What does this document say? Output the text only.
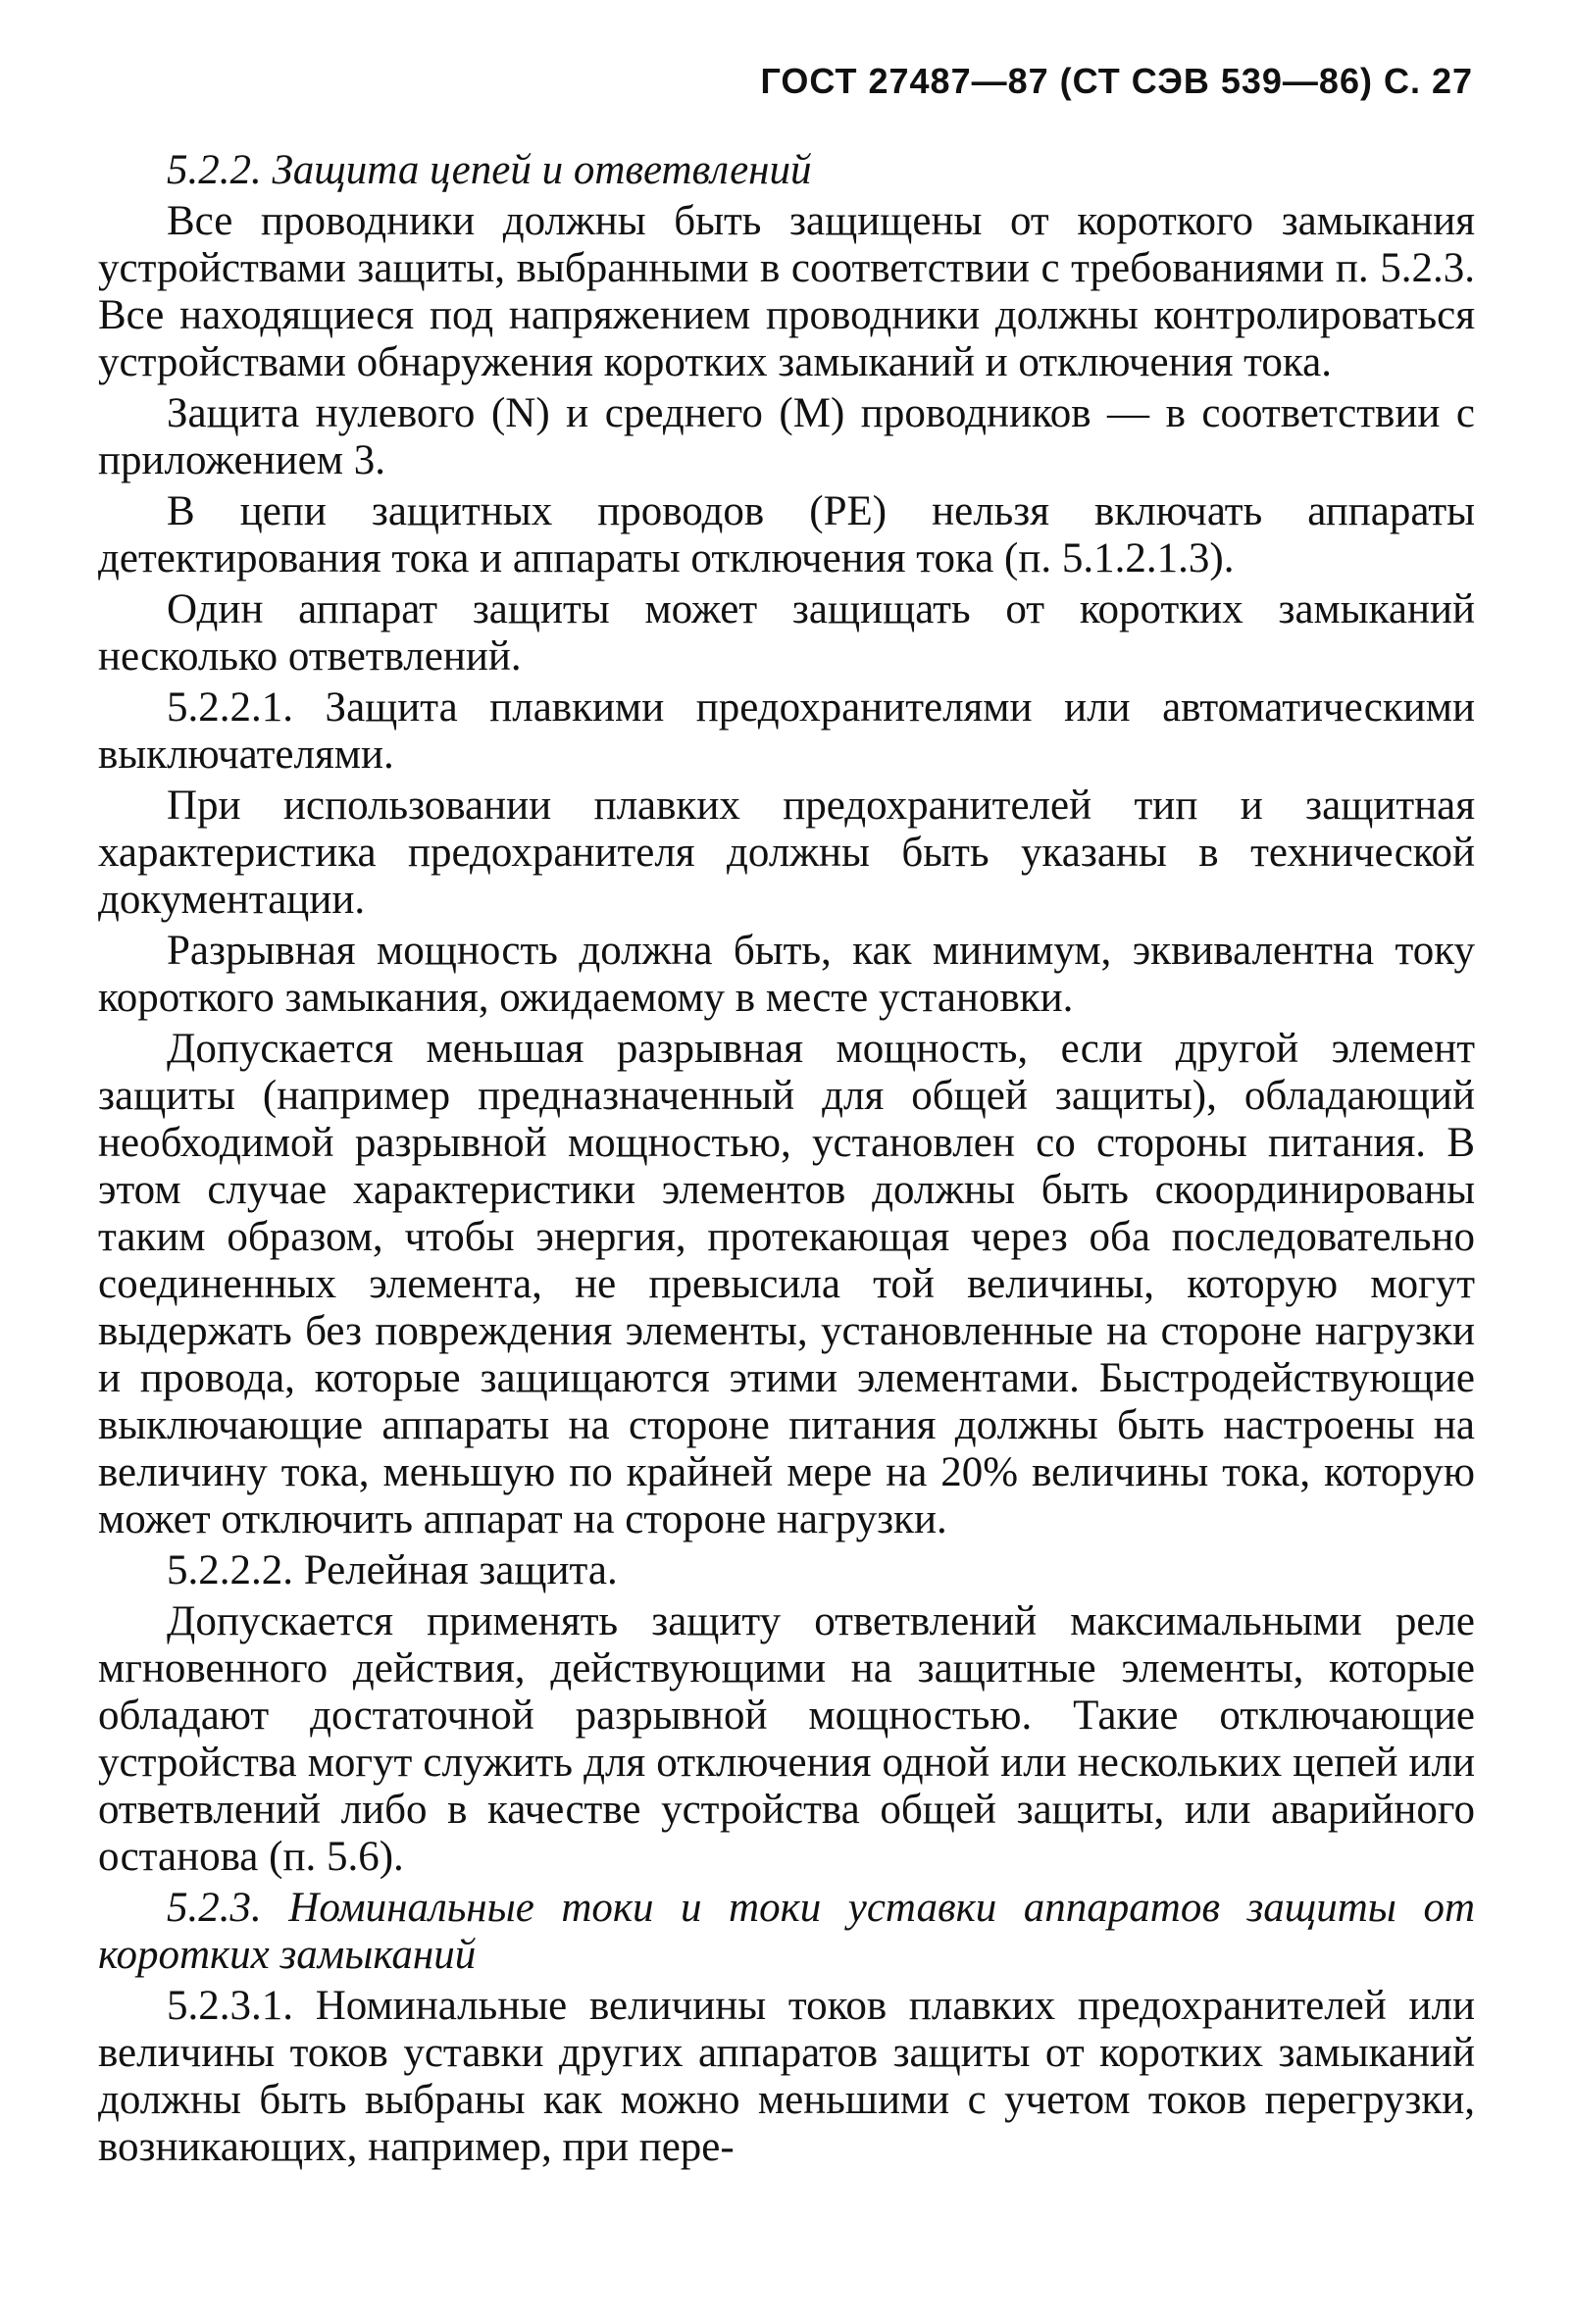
ГОСТ 27487—87 (СТ СЭВ 539—86) С. 27

5.2.2. Защита цепей и ответвлений

Все проводники должны быть защищены от короткого замыкания устройствами защиты, выбранными в соответствии с требованиями п. 5.2.3. Все находящиеся под напряжением проводники должны контролироваться устройствами обнаружения коротких замыканий и отключения тока.

Защита нулевого (N) и среднего (М) проводников — в соответствии с приложением 3.

В цепи защитных проводов (РЕ) нельзя включать аппараты детектирования тока и аппараты отключения тока (п. 5.1.2.1.3).

Один аппарат защиты может защищать от коротких замыканий несколько ответвлений.

5.2.2.1. Защита плавкими предохранителями или автоматическими выключателями.

При использовании плавких предохранителей тип и защитная характеристика предохранителя должны быть указаны в технической документации.

Разрывная мощность должна быть, как минимум, эквивалентна току короткого замыкания, ожидаемому в месте установки.

Допускается меньшая разрывная мощность, если другой элемент защиты (например предназначенный для общей защиты), обладающий необходимой разрывной мощностью, установлен со стороны питания. В этом случае характеристики элементов должны быть скоординированы таким образом, чтобы энергия, протекающая через оба последовательно соединенных элемента, не превысила той величины, которую могут выдержать без повреждения элементы, установленные на стороне нагрузки и провода, которые защищаются этими элементами. Быстродействующие выключающие аппараты на стороне питания должны быть настроены на величину тока, меньшую по крайней мере на 20% величины тока, которую может отключить аппарат на стороне нагрузки.

5.2.2.2. Релейная защита.

Допускается применять защиту ответвлений максимальными реле мгновенного действия, действующими на защитные элементы, которые обладают достаточной разрывной мощностью. Такие отключающие устройства могут служить для отключения одной или нескольких цепей или ответвлений либо в качестве устройства общей защиты, или аварийного останова (п. 5.6).

5.2.3. Номинальные токи и токи уставки аппаратов защиты от коротких замыканий

5.2.3.1. Номинальные величины токов плавких предохранителей или величины токов уставки других аппаратов защиты от коротких замыканий должны быть выбраны как можно меньшими с учетом токов перегрузки, возникающих, например, при пере-
